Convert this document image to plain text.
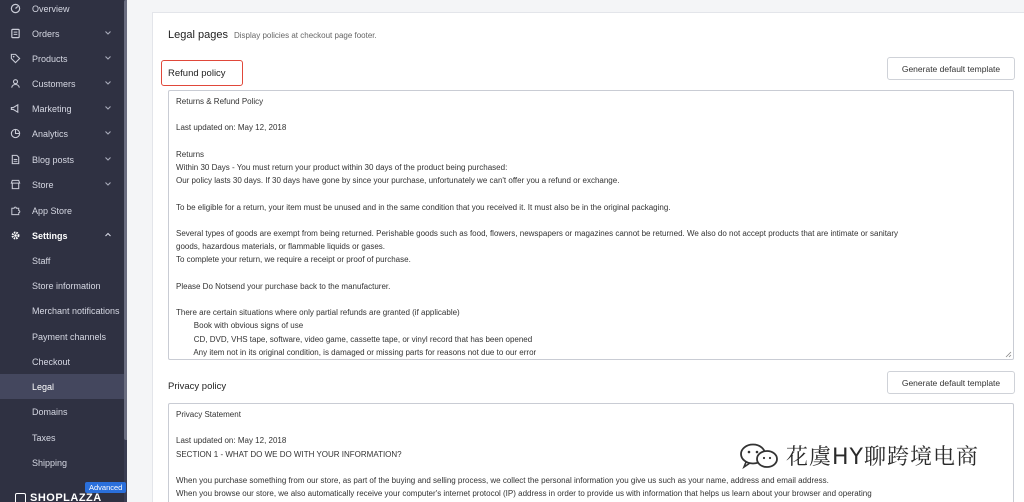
Overview
Orders
Products
Customers
Marketing
Analytics
Blog posts
Store
App Store
Settings
Staff
Store information
Merchant notifications
Payment channels
Checkout
Legal
Domains
Taxes
Shipping
Advanced
SHOPLAZZA
Legal pages Display policies at checkout page footer.
Refund policy	Generate default template
Returns & Refund Policy

Last updated on: May 12, 2018

Returns
Within 30 Days - You must return your product within 30 days of the product being purchased:
Our policy lasts 30 days. If 30 days have gone by since your purchase, unfortunately we can't offer you a refund or exchange.

To be eligible for a return, your item must be unused and in the same condition that you received it. It must also be in the original packaging.

Several types of goods are exempt from being returned. Perishable goods such as food, flowers, newspapers or magazines cannot be returned. We also do not accept products that are intimate or sanitary
goods, hazardous materials, or flammable liquids or gases.
To complete your return, we require a receipt or proof of purchase.

Please Do Notsend your purchase back to the manufacturer.

There are certain situations where only partial refunds are granted (if applicable)
Book with obvious signs of use
CD, DVD, VHS tape, software, video game, cassette tape, or vinyl record that has been opened
Any item not in its original condition, is damaged or missing parts for reasons not due to our error
Privacy policy	Generate default template
Privacy Statement

Last updated on: May 12, 2018
SECTION 1 - WHAT DO WE DO WITH YOUR INFORMATION?

When you purchase something from our store, as part of the buying and selling process, we collect the personal information you give us such as your name, address and email address.
When you browse our store, we also automatically receive your computer's internet protocol (IP) address in order to provide us with information that helps us learn about your browser and operating
花虞HY聊跨境电商
